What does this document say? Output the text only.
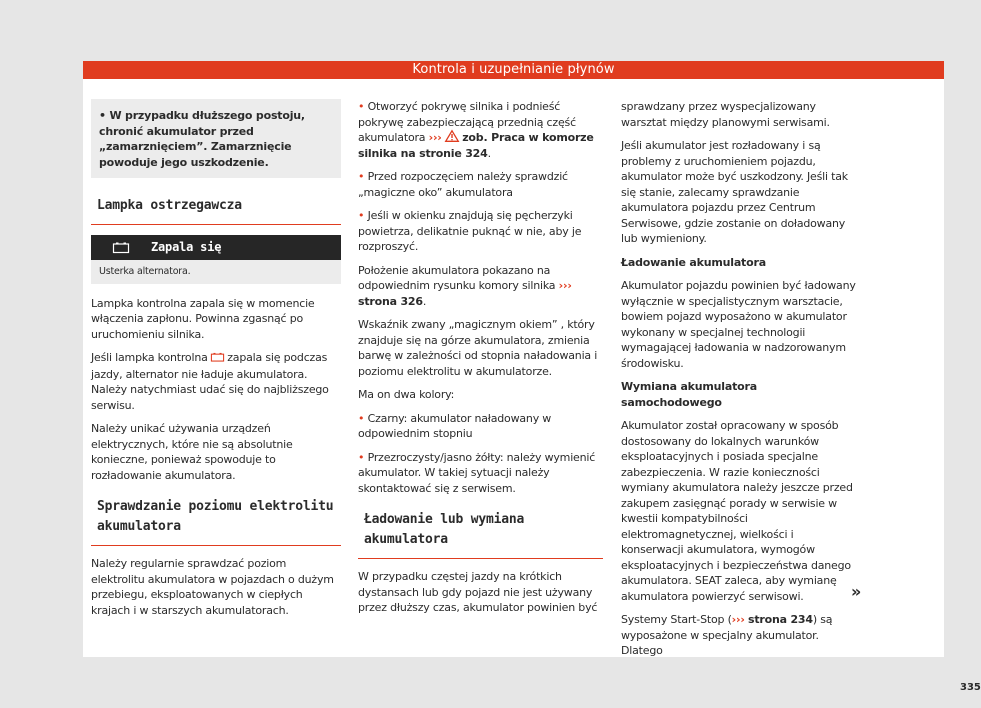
Kontrola i uzupełnianie płynów
• W przypadku dłuższego postoju, chronić akumulator przed „zamarznięciem”. Zamarznięcie powoduje jego uszkodzenie.
Lampka ostrzegawcza
Zapala się
Usterka alternatora.

Lampka kontrolna zapala się w momencie włączenia zapłonu. Powinna zgasnąć po uruchomieniu silnika.

Jeśli lampka kontrolna zapala się podczas jazdy, alternator nie ładuje akumulatora. Należy natychmiast udać się do najbliższego serwisu.

Należy unikać używania urządzeń elektrycznych, które nie są absolutnie konieczne, ponieważ spowoduje to rozładowanie akumulatora.

Sprawdzanie poziomu elektrolitu akumulatora

Należy regularnie sprawdzać poziom elektrolitu akumulatora w pojazdach o dużym przebiegu, eksploatowanych w ciepłych krajach i w starszych akumulatorach.

• Otworzyć pokrywę silnika i podnieść pokrywę zabezpieczającą przednią część akumulatora ››› zob. Praca w komorze silnika na stronie 324.

• Przed rozpoczęciem należy sprawdzić „magiczne oko” akumulatora

• Jeśli w okienku znajdują się pęcherzyki powietrza, delikatnie puknąć w nie, aby je rozproszyć.

Położenie akumulatora pokazano na odpowiednim rysunku komory silnika ››› strona 326.

Wskaźnik zwany „magicznym okiem” , który znajduje się na górze akumulatora, zmienia barwę w zależności od stopnia naładowania i poziomu elektrolitu w akumulatorze.

Ma on dwa kolory:

• Czarny: akumulator naładowany w odpowiednim stopniu

• Przezroczysty/jasno żółty: należy wymienić akumulator. W takiej sytuacji należy skontaktować się z serwisem.

Ładowanie lub wymiana akumulatora

W przypadku częstej jazdy na krótkich dystansach lub gdy pojazd nie jest używany przez dłuższy czas, akumulator powinien być

sprawdzany przez wyspecjalizowany warsztat między planowymi serwisami.

Jeśli akumulator jest rozładowany i są problemy z uruchomieniem pojazdu, akumulator może być uszkodzony. Jeśli tak się stanie, zalecamy sprawdzanie akumulatora pojazdu przez Centrum Serwisowe, gdzie zostanie on doładowany lub wymieniony.

Ładowanie akumulatora

Akumulator pojazdu powinien być ładowany wyłącznie w specjalistycznym warsztacie, bowiem pojazd wyposażono w akumulator wykonany w specjalnej technologii wymagającej ładowania w nadzorowanym środowisku.

Wymiana akumulatora samochodowego

Akumulator został opracowany w sposób dostosowany do lokalnych warunków eksploatacyjnych i posiada specjalne zabezpieczenia. W razie konieczności wymiany akumulatora należy jeszcze przed zakupem zasięgnąć porady w serwisie w kwestii kompatybilności elektromagnetycznej, wielkości i konserwacji akumulatora, wymogów eksploatacyjnych i bezpieczeństwa danego akumulatora. SEAT zaleca, aby wymianę akumulatora powierzyć serwisowi.

Systemy Start-Stop (››› strona 234) są wyposażone w specjalny akumulator. Dlatego

»
335
